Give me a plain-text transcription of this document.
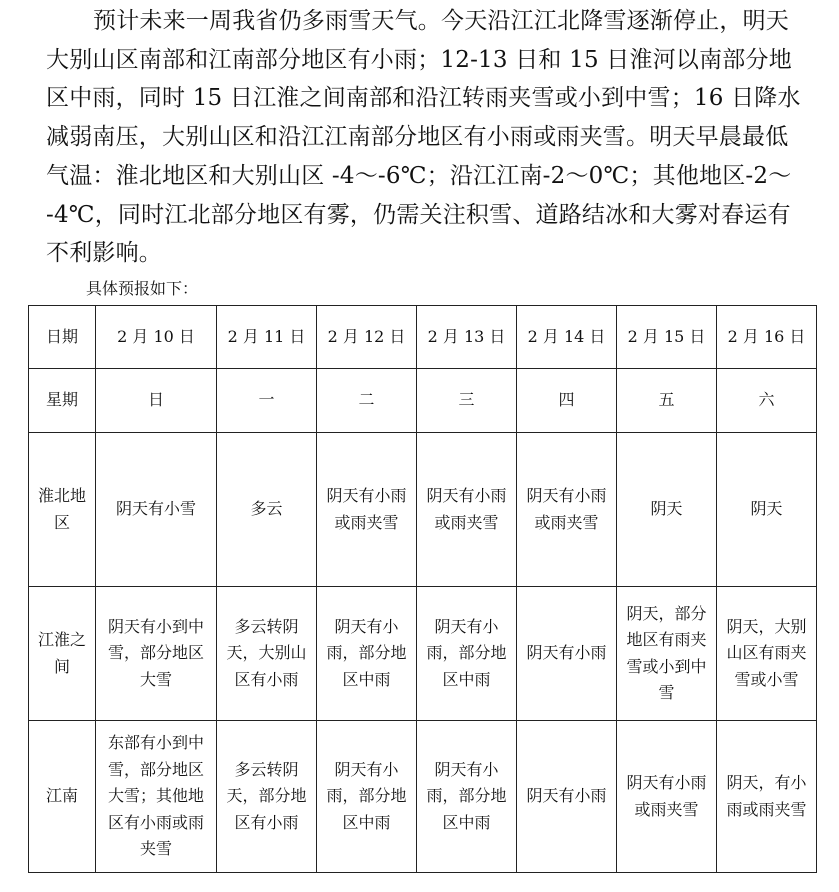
预计未来一周我省仍多雨雪天气。今天沿江江北降雪逐渐停止，明天
大别山区南部和江南部分地区有小雨；12-13 日和 15 日淮河以南部分地
区中雨，同时 15 日江淮之间南部和沿江转雨夹雪或小到中雪；16 日降水
减弱南压，大别山区和沿江江南部分地区有小雨或雨夹雪。明天早晨最低
气温：淮北地区和大别山区 -4～-6℃；沿江江南-2～0℃；其他地区-2～
-4℃，同时江北部分地区有雾，仍需关注积雪、道路结冰和大雾对春运有
不利影响。
具体预报如下：
日期	2 月 10 日	2 月 11 日	2 月 12 日	2 月 13 日	2 月 14 日	2 月 15 日	2 月 16 日
星期	日	一	二	三	四	五	六
淮北地区	阴天有小雪	多云	阴天有小雨或雨夹雪	阴天有小雨或雨夹雪	阴天有小雨或雨夹雪	阴天	阴天
江淮之间	阴天有小到中雪，部分地区大雪	多云转阴天，大别山区有小雨	阴天有小雨，部分地区中雨	阴天有小雨，部分地区中雨	阴天有小雨	阴天，部分地区有雨夹雪或小到中雪	阴天，大别山区有雨夹雪或小雪
江南	东部有小到中雪，部分地区大雪；其他地区有小雨或雨夹雪	多云转阴天，部分地区有小雨	阴天有小雨，部分地区中雨	阴天有小雨，部分地区中雨	阴天有小雨	阴天有小雨或雨夹雪	阴天，有小雨或雨夹雪
